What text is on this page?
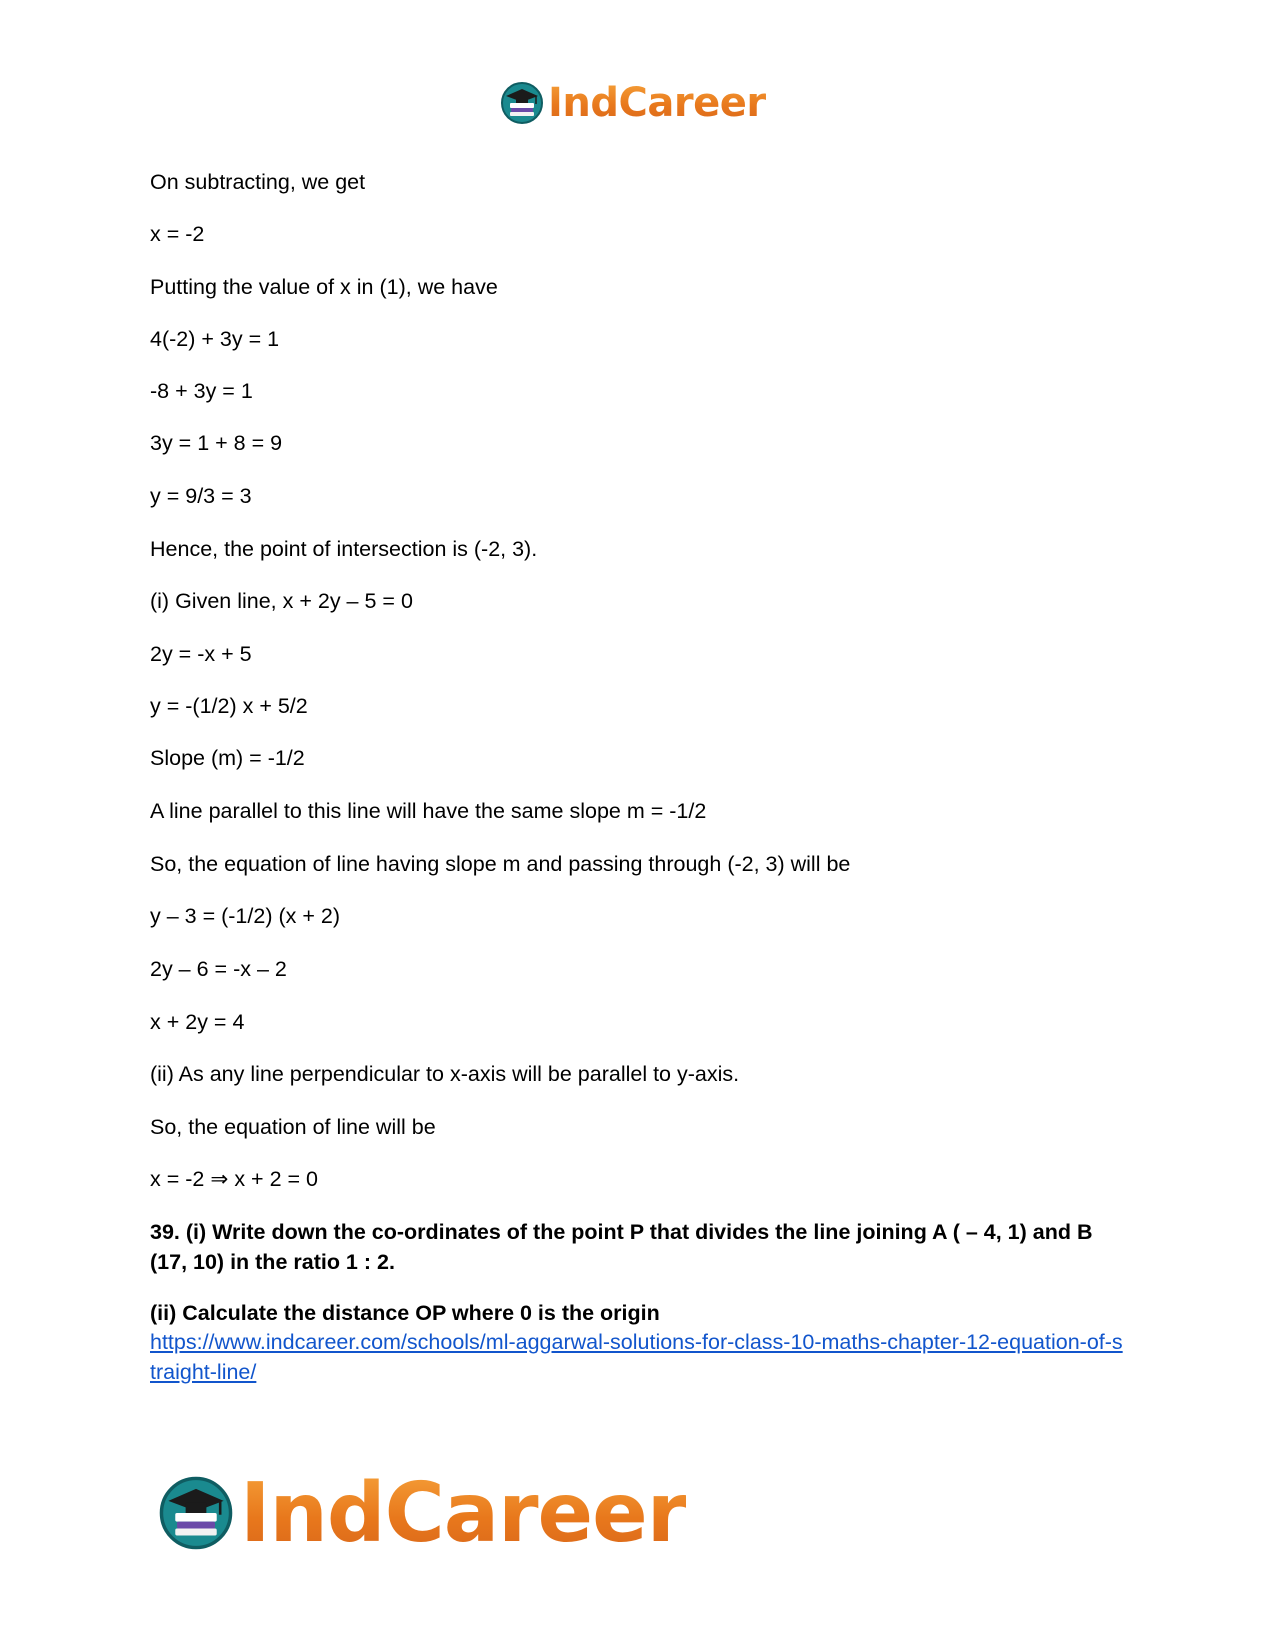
IndCareer
On subtracting, we get
x = -2
Putting the value of x in (1), we have
4(-2) + 3y = 1
-8 + 3y = 1
3y = 1 + 8 = 9
y = 9/3 = 3
Hence, the point of intersection is (-2, 3).
(i) Given line, x + 2y – 5 = 0
2y = -x + 5
y = -(1/2) x + 5/2
Slope (m) = -1/2
A line parallel to this line will have the same slope m = -1/2
So, the equation of line having slope m and passing through (-2, 3) will be
y – 3 = (-1/2) (x + 2)
2y – 6 = -x – 2
x + 2y = 4
(ii) As any line perpendicular to x-axis will be parallel to y-axis.
So, the equation of line will be
x = -2 ⇒ x + 2 = 0
39. (i) Write down the co-ordinates of the point P that divides the line joining A ( – 4, 1) and B (17, 10) in the ratio 1 : 2.
(ii) Calculate the distance OP where 0 is the origin
https://www.indcareer.com/schools/ml-aggarwal-solutions-for-class-10-maths-chapter-12-equation-of-straight-line/
IndCareer
